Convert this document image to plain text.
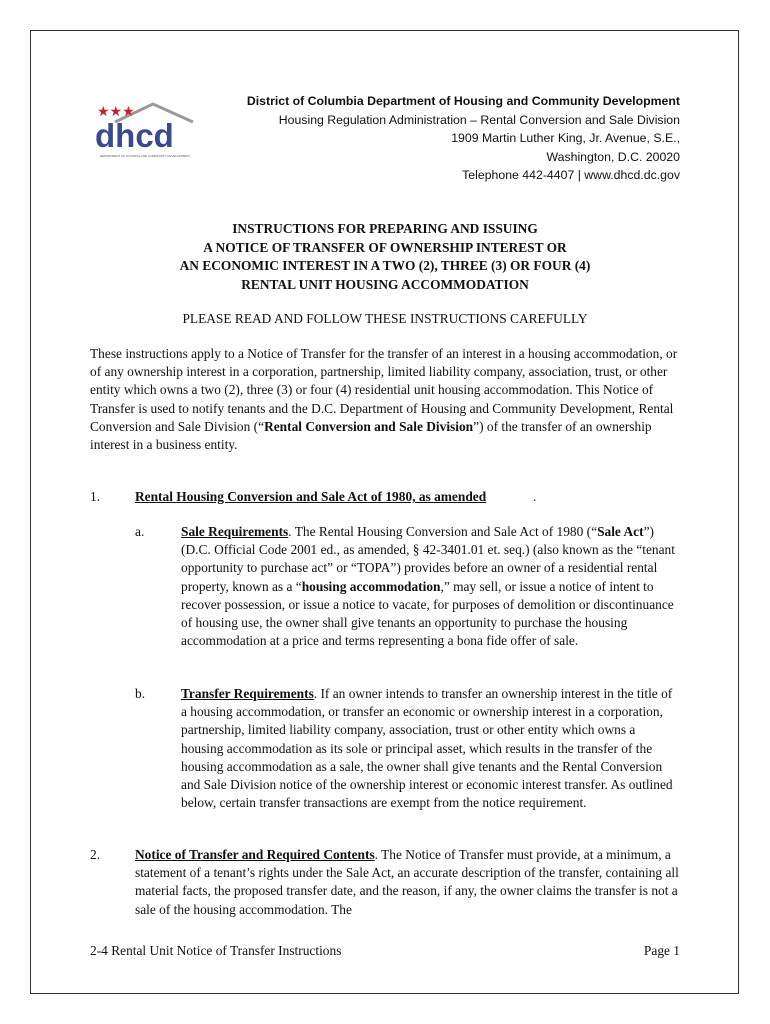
★★★
dhcd
DEPARTMENT OF HOUSING AND COMMUNITY DEVELOPMENT
District of Columbia Department of Housing and Community Development
Housing Regulation Administration – Rental Conversion and Sale Division
1909 Martin Luther King, Jr. Avenue, S.E.,
Washington, D.C. 20020
Telephone 442-4407 | www.dhcd.dc.gov
INSTRUCTIONS FOR PREPARING AND ISSUING
A NOTICE OF TRANSFER OF OWNERSHIP INTEREST OR
AN ECONOMIC INTEREST IN A TWO (2), THREE (3) OR FOUR (4)
RENTAL UNIT HOUSING ACCOMMODATION
PLEASE READ AND FOLLOW THESE INSTRUCTIONS CAREFULLY
These instructions apply to a Notice of Transfer for the transfer of an interest in a housing accommodation, or of any ownership interest in a corporation, partnership, limited liability company, association, trust, or other entity which owns a two (2), three (3) or four (4) residential unit housing accommodation. This Notice of Transfer is used to notify tenants and the D.C. Department of Housing and Community Development, Rental Conversion and Sale Division (“Rental Conversion and Sale Division”) of the transfer of an ownership interest in a business entity.
1.	Rental Housing Conversion and Sale Act of 1980, as amended	.
a.	Sale Requirements. The Rental Housing Conversion and Sale Act of 1980 (“Sale Act”) (D.C. Official Code 2001 ed., as amended, § 42-3401.01 et. seq.) (also known as the “tenant opportunity to purchase act” or “TOPA”) provides before an owner of a residential rental property, known as a “housing accommodation,” may sell, or issue a notice of intent to recover possession, or issue a notice to vacate, for purposes of demolition or discontinuance of housing use, the owner shall give tenants an opportunity to purchase the housing accommodation at a price and terms representing a bona fide offer of sale.
b.	Transfer Requirements. If an owner intends to transfer an ownership interest in the title of a housing accommodation, or transfer an economic or ownership interest in a corporation, partnership, limited liability company, association, trust or other entity which owns a housing accommodation as its sole or principal asset, which results in the transfer of the housing accommodation as a sale, the owner shall give tenants and the Rental Conversion and Sale Division notice of the ownership interest or economic interest transfer. As outlined below, certain transfer transactions are exempt from the notice requirement.
2.	Notice of Transfer and Required Contents. The Notice of Transfer must provide, at a minimum, a statement of a tenant’s rights under the Sale Act, an accurate description of the transfer, containing all material facts, the proposed transfer date, and the reason, if any, the owner claims the transfer is not a sale of the housing accommodation. The
2-4 Rental Unit Notice of Transfer Instructions	Page 1
